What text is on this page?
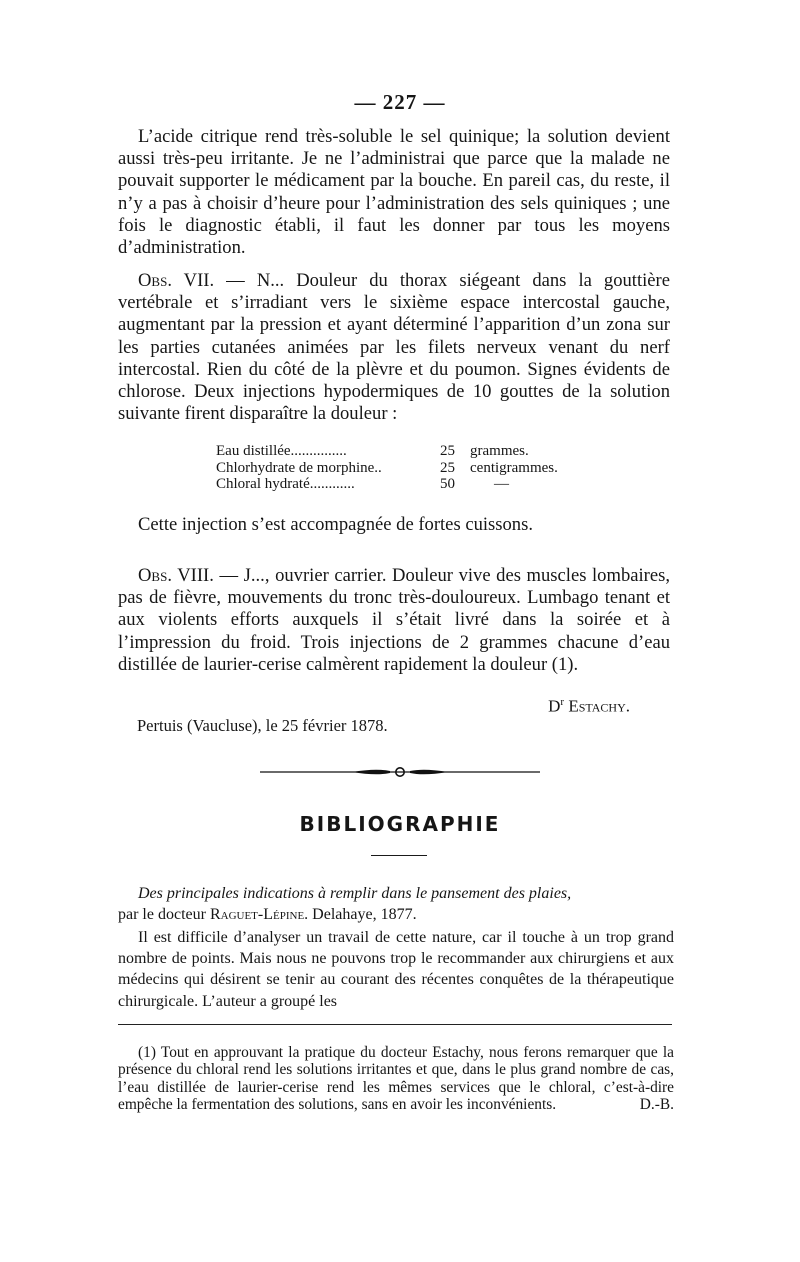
— 227 —

L’acide citrique rend très-soluble le sel quinique; la solution devient aussi très-peu irritante. Je ne l’administrai que parce que la malade ne pouvait supporter le médicament par la bouche. En pareil cas, du reste, il n’y a pas à choisir d’heure pour l’administration des sels quiniques ; une fois le diagnostic établi, il faut les donner par tous les moyens d’administration.

Obs. VII. — N... Douleur du thorax siégeant dans la gouttière vertébrale et s’irradiant vers le sixième espace intercostal gauche, augmentant par la pression et ayant déterminé l’apparition d’un zona sur les parties cutanées animées par les filets nerveux venant du nerf intercostal. Rien du côté de la plèvre et du poumon. Signes évidents de chlorose. Deux injections hypodermiques de 10 gouttes de la solution suivante firent disparaître la douleur :

Eau distillée...............	25	grammes.
Chlorhydrate de morphine..	25	centigrammes.
Chloral hydraté............	50	—

Cette injection s’est accompagnée de fortes cuissons.

Obs. VIII. — J..., ouvrier carrier. Douleur vive des muscles lombaires, pas de fièvre, mouvements du tronc très-douloureux. Lumbago tenant et aux violents efforts auxquels il s’était livré dans la soirée et à l’impression du froid. Trois injections de 2 grammes chacune d’eau distillée de laurier-cerise calmèrent rapidement la douleur (1).

$D^r$ Estachy.
Pertuis (Vaucluse), le 25 février 1878.
BIBLIOGRAPHIE

Des principales indications à remplir dans le pansement des plaies,
par le docteur Raguet-Lépine. Delahaye, 1877.

Il est difficile d’analyser un travail de cette nature, car il touche à un trop grand nombre de points. Mais nous ne pouvons trop le recommander aux chirurgiens et aux médecins qui désirent se tenir au courant des récentes conquêtes de la thérapeutique chirurgicale. L’auteur a groupé les

(1) Tout en approuvant la pratique du docteur Estachy, nous ferons remarquer que la présence du chloral rend les solutions irritantes et que, dans le plus grand nombre de cas, l’eau distillée de laurier-cerise rend les mêmes services que le chloral, c’est-à-dire empêche la fermentation des solutions, sans en avoir les inconvénients.	D.-B.
